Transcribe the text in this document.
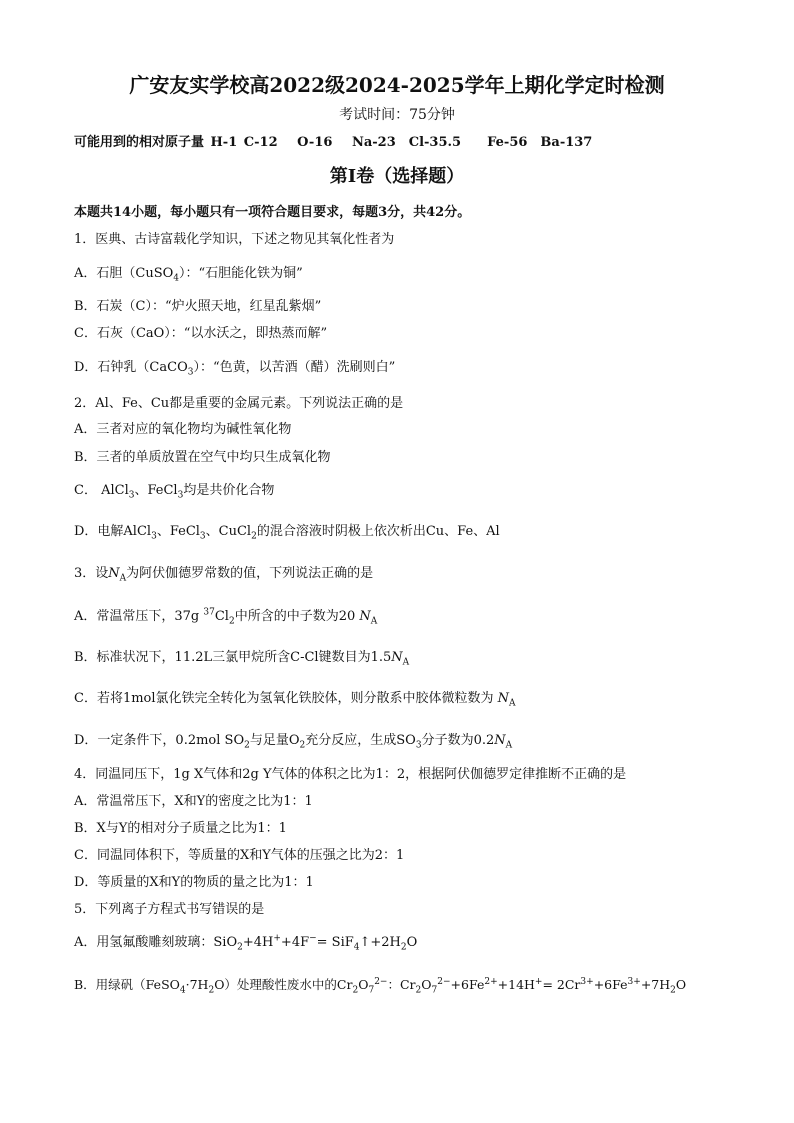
广安友实学校高2022级2024-2025学年上期化学定时检测
考试时间：75分钟
可能用到的相对原子量 H-1 C-12 　O-16 　Na-23　Cl-35.5 　 Fe-56　Ba-137
第Ⅰ卷（选择题）
本题共14小题，每小题只有一项符合题目要求，每题3分，共42分。
1．医典、古诗富载化学知识，下述之物见其氧化性者为
A．石胆（CuSO$_4$）：“石胆能化铁为铜”
B．石炭（C）：“炉火照天地，红星乱紫烟”
C．石灰（CaO）：“以水沃之，即热蒸而解”
D．石钟乳（CaCO$_3$）：“色黄，以苦酒（醋）洗刷则白”
2．Al、Fe、Cu都是重要的金属元素。下列说法正确的是
A．三者对应的氧化物均为碱性氧化物
B．三者的单质放置在空气中均只生成氧化物
C． AlCl$_3$、FeCl$_3$均是共价化合物
D．电解AlCl$_3$、FeCl$_3$、CuCl$_2$的混合溶液时阴极上依次析出Cu、Fe、Al
3．设$N_A$为阿伏伽德罗常数的值，下列说法正确的是
A．常温常压下，37g $^{37}Cl_2$中所含的中子数为20 $N_A$
B．标准状况下，11.2L三氯甲烷所含C-Cl键数目为$1.5N_A$
C．若将1mol氯化铁完全转化为氢氧化铁胶体，则分散系中胶体微粒数为 $N_A$
D．一定条件下，0.2mol $SO_2$与足量$O_2$充分反应，生成$SO_3$分子数为$0.2N_A$
4．同温同压下，1g X气体和2g Y气体的体积之比为1：2，根据阿伏伽德罗定律推断不正确的是
A．常温常压下，X和Y的密度之比为1：1
B．X与Y的相对分子质量之比为1：1
C．同温同体积下，等质量的X和Y气体的压强之比为2：1
D．等质量的X和Y的物质的量之比为1：1
5．下列离子方程式书写错误的是
A．用氢氟酸雕刻玻璃：$SiO_2+4H^++4F^-= SiF_4↑+2H_2O$
B．用绿矾$(FeSO_4\cdot 7H_2O)$处理酸性废水中的$Cr_2O_7^{2-}$：$Cr_2O_7^{2-}+6Fe^{2+}+14H^+= 2Cr^{3+}+6Fe^{3+}+7H_2O$
